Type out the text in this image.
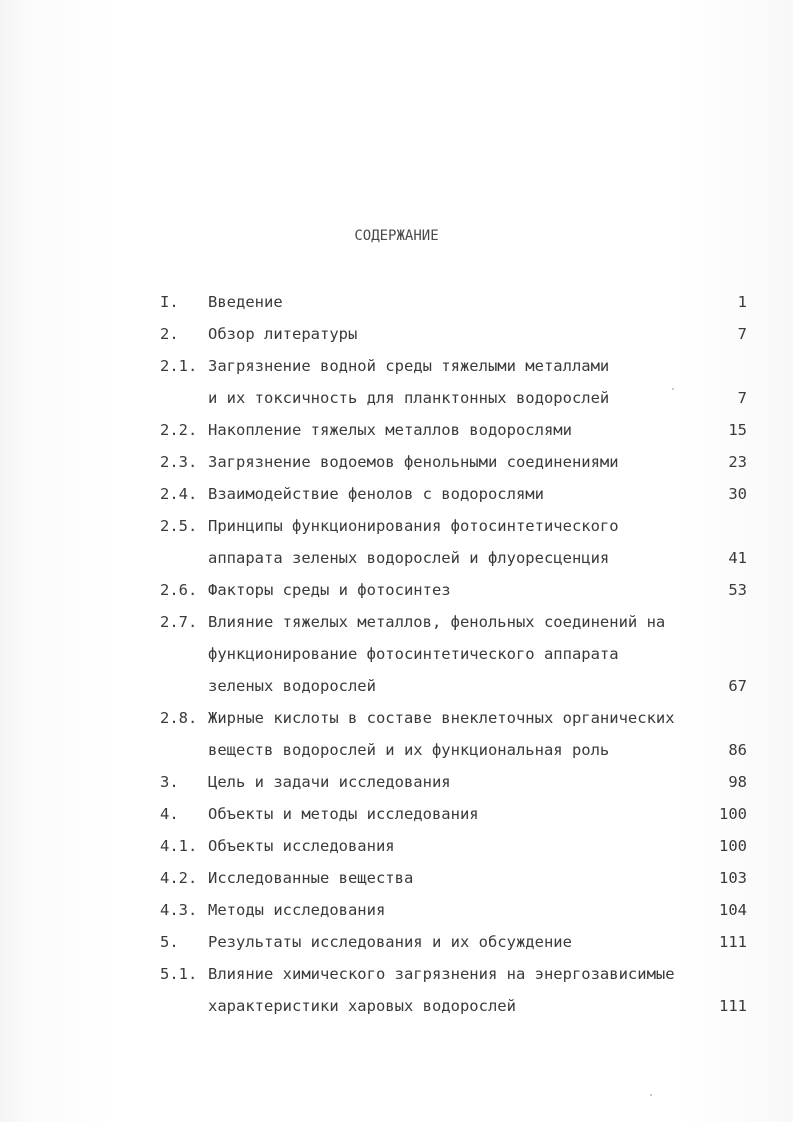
СОДЕРЖАНИЕ
I. Введение	1
2. Обзор литературы	7
2.1. Загрязнение водной среды тяжелыми металлами
и их токсичность для планктонных водорослей	7
2.2. Накопление тяжелых металлов водорослями	15
2.3. Загрязнение водоемов фенольными соединениями	23
2.4. Взаимодействие фенолов с водорослями	30
2.5. Принципы функционирования фотосинтетического
аппарата зеленых водорослей и флуоресценция	41
2.6. Факторы среды и фотосинтез	53
2.7. Влияние тяжелых металлов, фенольных соединений на
функционирование фотосинтетического аппарата
зеленых водорослей	67
2.8. Жирные кислоты в составе внеклеточных органических
веществ водорослей и их функциональная роль	86
3. Цель и задачи исследования	98
4. Объекты и методы исследования	100
4.1. Объекты исследования	100
4.2. Исследованные вещества	103
4.3. Методы исследования	104
5. Результаты исследования и их обсуждение	111
5.1. Влияние химического загрязнения на энергозависимые
характеристики харовых водорослей	111
